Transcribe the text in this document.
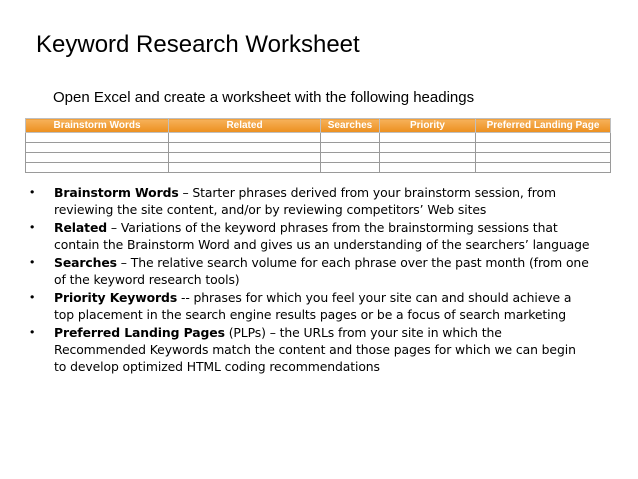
Keyword Research Worksheet
Open Excel and create a worksheet with the following headings
Brainstorm Words	Related	Searches	Priority	Preferred Landing Page

• Brainstorm Words – Starter phrases derived from your brainstorm session, from reviewing the site content, and/or by reviewing competitors’ Web sites
• Related – Variations of the keyword phrases from the brainstorming sessions that contain the Brainstorm Word and gives us an understanding of the searchers’ language
• Searches – The relative search volume for each phrase over the past month (from one of the keyword research tools)
• Priority Keywords -- phrases for which you feel your site can and should achieve a top placement in the search engine results pages or be a focus of search marketing
• Preferred Landing Pages (PLPs) – the URLs from your site in which the Recommended Keywords match the content and those pages for which we can begin to develop optimized HTML coding recommendations
